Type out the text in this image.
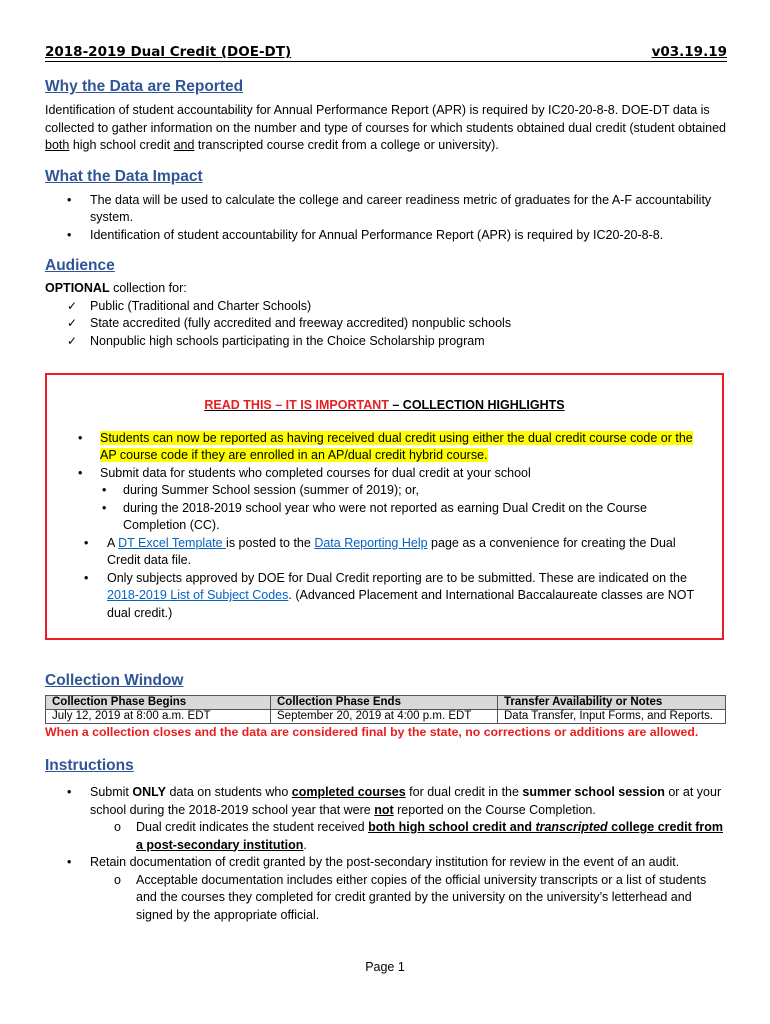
2018-2019 Dual Credit (DOE-DT)	v03.19.19
Why the Data are Reported
Identification of student accountability for Annual Performance Report (APR) is required by IC20-20-8-8. DOE-DT data is collected to gather information on the number and type of courses for which students obtained dual credit (student obtained both high school credit and transcripted course credit from a college or university).
What the Data Impact
• The data will be used to calculate the college and career readiness metric of graduates for the A-F accountability system.
• Identification of student accountability for Annual Performance Report (APR) is required by IC20-20-8-8.
Audience
OPTIONAL collection for:
✓ Public (Traditional and Charter Schools)
✓ State accredited (fully accredited and freeway accredited) nonpublic schools
✓ Nonpublic high schools participating in the Choice Scholarship program
READ THIS – IT IS IMPORTANT – COLLECTION HIGHLIGHTS
• Students can now be reported as having received dual credit using either the dual credit course code or the AP course code if they are enrolled in an AP/dual credit hybrid course.
• Submit data for students who completed courses for dual credit at your school
• during Summer School session (summer of 2019); or,
• during the 2018-2019 school year who were not reported as earning Dual Credit on the Course Completion (CC).
• A DT Excel Template is posted to the Data Reporting Help page as a convenience for creating the Dual Credit data file.
• Only subjects approved by DOE for Dual Credit reporting are to be submitted. These are indicated on the 2018-2019 List of Subject Codes. (Advanced Placement and International Baccalaureate classes are NOT dual credit.)
Collection Window
Collection Phase Begins	Collection Phase Ends	Transfer Availability or Notes
July 12, 2019 at 8:00 a.m. EDT	September 20, 2019 at 4:00 p.m. EDT	Data Transfer, Input Forms, and Reports.
When a collection closes and the data are considered final by the state, no corrections or additions are allowed.
Instructions
• Submit ONLY data on students who completed courses for dual credit in the summer school session or at your school during the 2018-2019 school year that were not reported on the Course Completion.
o Dual credit indicates the student received both high school credit and transcripted college credit from a post-secondary institution.
• Retain documentation of credit granted by the post-secondary institution for review in the event of an audit.
o Acceptable documentation includes either copies of the official university transcripts or a list of students and the courses they completed for credit granted by the university on the university’s letterhead and signed by the appropriate official.
Page 1
